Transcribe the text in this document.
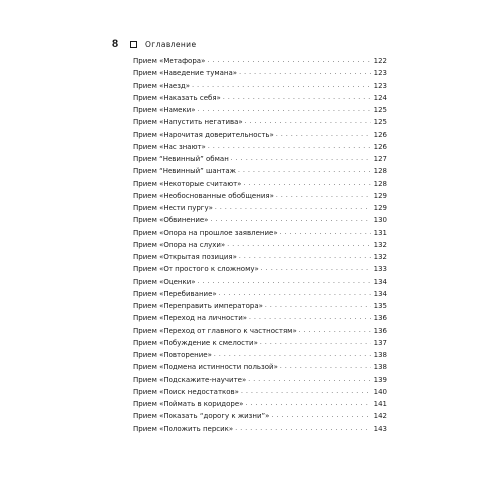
8	Оглавление
Прием «Метафора» . . .	122
Прием «Наведение тумана» . . .	123
Прием «Наезд» . . .	123
Прием «Наказать себя» . . .	124
Прием «Намеки» . . .	125
Прием «Напустить негатива» . . .	125
Прием «Нарочитая доверительность» . . .	126
Прием «Нас знают» . . .	126
Прием “Невинный” обман . . .	127
Прием “Невинный” шантаж . . .	128
Прием «Некоторые считают» . . .	128
Прием «Необоснованные обобщения» . . .	129
Прием «Нести пургу» . . .	129
Прием «Обвинение» . . .	130
Прием «Опора на прошлое заявление» . . .	131
Прием «Опора на слухи» . . .	132
Прием «Открытая позиция» . . .	132
Прием «От простого к сложному» . . .	133
Прием «Оценки» . . .	134
Прием «Перебивание» . . .	134
Прием «Переправить императора» . . .	135
Прием «Переход на личности» . . .	136
Прием «Переход от главного к частностям» . . .	136
Прием «Побуждение к смелости» . . .	137
Прием «Повторение» . . .	138
Прием «Подмена истинности пользой» . . .	138
Прием «Подскажите-научите» . . .	139
Прием «Поиск недостатков» . . .	140
Прием «Поймать в коридоре» . . .	141
Прием «Показать “дорогу к жизни”» . . .	142
Прием «Положить персик» . . .	143
